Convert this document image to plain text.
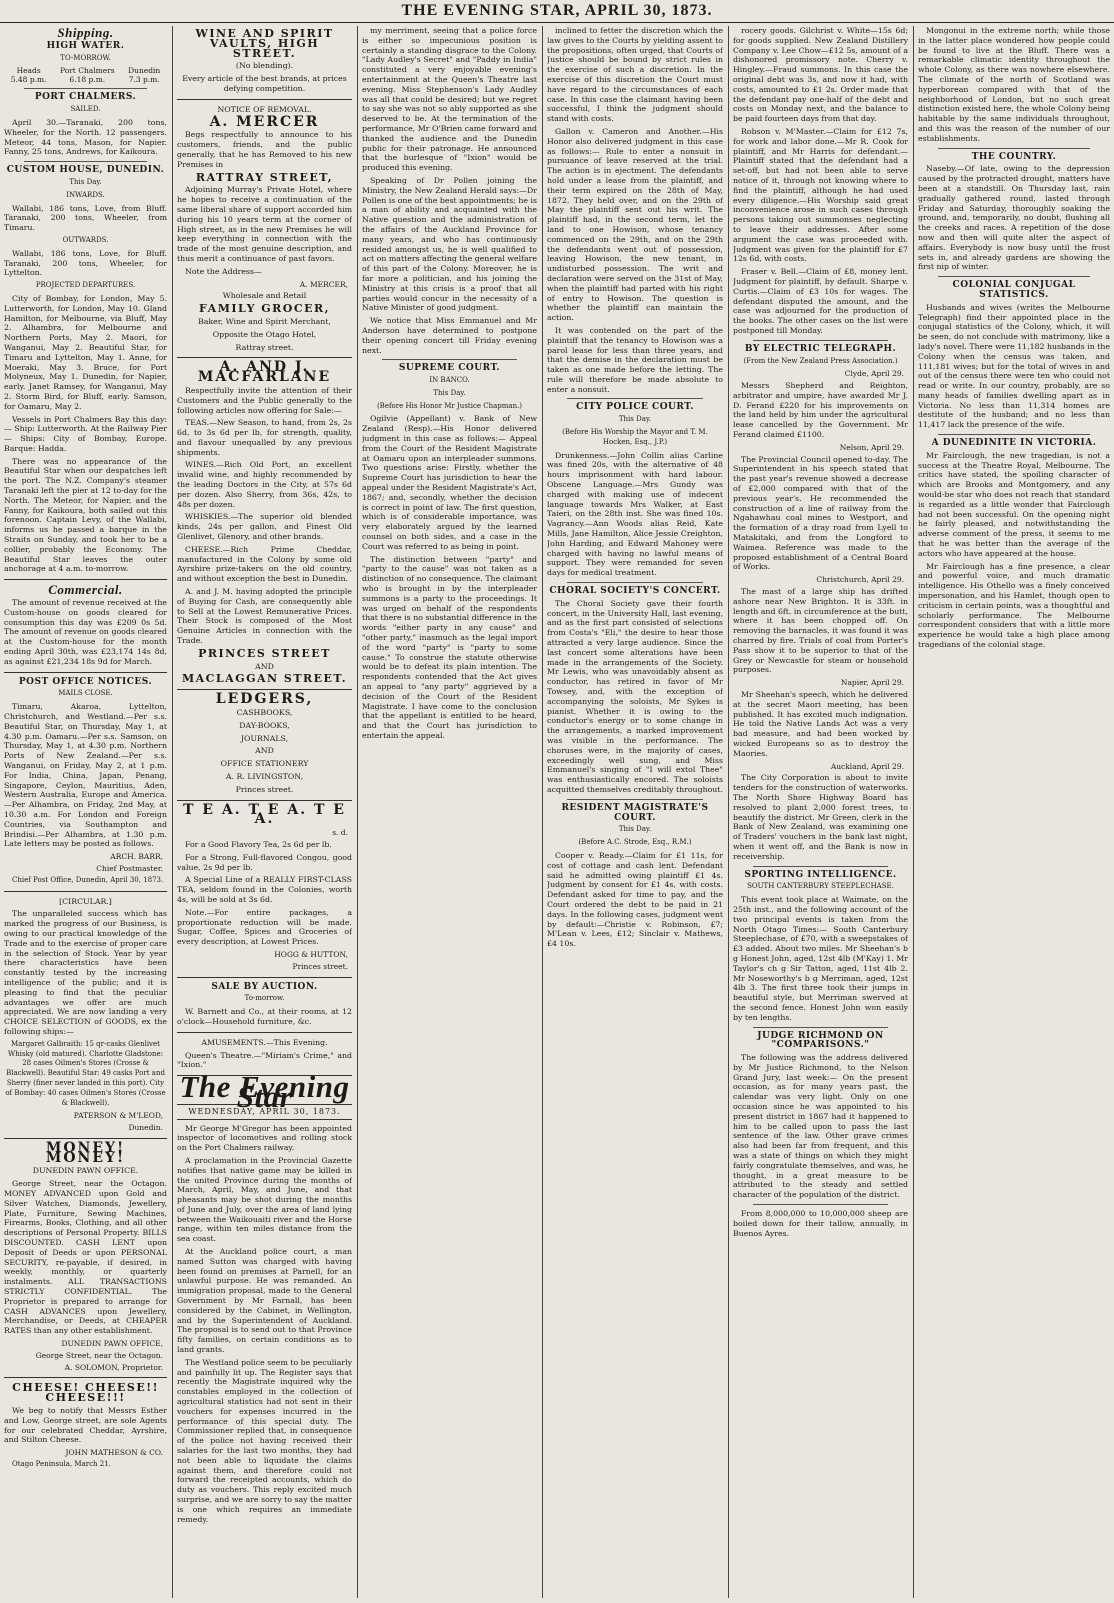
THE EVENING STAR, APRIL 30, 1873.
Shipping.
HIGH WATER.

TO-MORROW.

Heads
5.48 p.m.
Port Chalmers
6.18 p.m.
Dunedin
7.3 p.m.
PORT CHALMERS.

SAILED.

April 30.—Taranaki, 200 tons, Wheeler, for the North. 12 passengers. Meteor, 44 tons, Mason, for Napier. Fanny, 25 tons, Andrews, for Kaikoura.

CUSTOM HOUSE, DUNEDIN.

This Day.

INWARDS.

Wallabi, 186 tons, Love, from Bluff. Taranaki, 200 tons, Wheeler, from Timaru.

OUTWARDS.

Wallabi, 186 tons, Love, for Bluff. Taranaki, 200 tons, Wheeler, for Lyttelton.

PROJECTED DEPARTURES.

City of Bombay, for London, May 5. Lutterworth, for London, May 10. Gland Hamilton, for Melbourne, via Bluff, May 2. Alhambra, for Melbourne and Northern Ports, May 2. Maori, for Wanganui, May 2. Beautiful Star, for Timaru and Lyttelton, May 1. Anne, for Moeraki, May 3. Bruce, for Port Molyneux, May 1. Dunedin, for Napier, early. Janet Ramsey, for Wanganui, May 2. Storm Bird, for Bluff, early. Samson, for Oamaru, May 2.

Vessels in Port Chalmers Bay this day:— Ship: Lutterworth. At the Railway Pier— Ships: City of Bombay, Europe. Barque: Hadda.

There was no appearance of the Beautiful Star when our despatches left the port. The N.Z. Company's steamer Taranaki left the pier at 12 to-day for the North. The Meteor, for Napier, and the Fanny, for Kaikoura, both sailed out this forenoon. Captain Levy, of the Wallabi, informs us he passed a barque in the Straits on Sunday, and took her to be a collier, probably the Economy. The Beautiful Star leaves the outer anchorage at 4 a.m. to-morrow.

Commercial.

The amount of revenue received at the Custom-house on goods cleared for consumption this day was £209 0s 5d. The amount of revenue on goods cleared at the Custom-house for the month ending April 30th, was £23,174 14s 8d, as against £21,234 18s 9d for March.

POST OFFICE NOTICES.

MAILS CLOSE.

Timaru, Akaroa, Lyttelton, Christchurch, and Westland.—Per s.s. Beautiful Star, on Thursday, May 1, at 4.30 p.m. Oamaru.—Per s.s. Samson, on Thursday, May 1, at 4.30 p.m. Northern Ports of New Zealand.—Per s.s. Wanganui, on Friday, May 2, at 1 p.m. For India, China, Japan, Penang, Singapore, Ceylon, Mauritius, Aden, Western Australia, Europe and America.—Per Alhambra, on Friday, 2nd May, at 10.30 a.m. For London and Foreign Countries, via Southampton and Brindisi.—Per Alhambra, at 1.30 p.m. Late letters may be posted as follows.

ARCH. BARR,
Chief Postmaster.

Chief Post Office, Dunedin, April 30, 1873.

[CIRCULAR.]

The unparalleled success which has marked the progress of our Business, is owing to our practical knowledge of the Trade and to the exercise of proper care in the selection of Stock. Year by year there characteristics have been constantly tested by the increasing intelligence of the public; and it is pleasing to find that the peculiar advantages we offer are much appreciated. We are now landing a very CHOICE SELECTION of GOODS, ex the following ships:—

Margaret Galbraith: 15 qr-casks Glenlivet Whisky (old matured). Charlotte Gladstone: 28 cases Oilmen's Stores (Crosse & Blackwell). Beautiful Star: 49 casks Port and Sherry (finer never landed in this port). City of Bombay: 40 cases Oilmen's Stores (Crosse & Blackwell).

PATERSON & M'LEOD,
Dunedin.
MONEY! MONEY!

DUNEDIN PAWN OFFICE.

George Street, near the Octagon. MONEY ADVANCED upon Gold and Silver Watches, Diamonds, Jewellery, Plate, Furniture, Sewing Machines, Firearms, Books, Clothing, and all other descriptions of Personal Property. BILLS DISCOUNTED. CASH LENT upon Deposit of Deeds or upon PERSONAL SECURITY, re-payable, if desired, in weekly, monthly, or quarterly instalments. ALL TRANSACTIONS STRICTLY CONFIDENTIAL. The Proprietor is prepared to arrange for CASH ADVANCES upon Jewellery, Merchandise, or Deeds, at CHEAPER RATES than any other establishment.

DUNEDIN PAWN OFFICE,
George Street, near the Octagon.
A. SOLOMON, Proprietor.
CHEESE! CHEESE!! CHEESE!!!

We beg to notify that Messrs Esther and Low, George street, are sole Agents for our celebrated Cheddar, Ayrshire, and Stilton Cheese.

JOHN MATHESON & CO.

Otago Peninsula, March 21.

WINE AND SPIRIT VAULTS, HIGH STREET.

(No blending).

Every article of the best brands, at prices defying competition.

NOTICE OF REMOVAL.

A. MERCER

Begs respectfully to announce to his customers, friends, and the public generally, that he has Removed to his new Premises in

RATTRAY STREET,

Adjoining Murray's Private Hotel, where he hopes to receive a continuation of the same liberal share of support accorded him during his 10 years term at the corner of High street, as in the new Premises he will keep everything in connection with the trade of the most genuine description, and thus merit a continuance of past favors.

Note the Address—

A. MERCER,

Wholesale and Retail

FAMILY GROCER,

Baker, Wine and Spirit Merchant,

Opposite the Otago Hotel,

Rattray street.

A. AND J. MACFARLANE

Respectfully invite the attention of their Customers and the Public generally to the following articles now offering for Sale:—

TEAS.—New Season, to hand, from 2s, 2s 6d, to 3s 6d per lb, for strength, quality, and flavour unequalled by any previous shipments.

WINES.—Rich Old Port, an excellent invalid wine, and highly recommended by the leading Doctors in the City, at 57s 6d per dozen. Also Sherry, from 36s, 42s, to 48s per dozen.

WHISKIES.—The superior old blended kinds, 24s per gallon, and Finest Old Glenlivet, Glenory, and other brands.

CHEESE.—Rich Prime Cheddar, manufactured in the Colony by some old Ayrshire prize-takers on the old country, and without exception the best in Dunedin.

A. and J. M. having adopted the principle of Buying for Cash, are consequently able to Sell at the Lowest Remunerative Prices. Their Stock is composed of the Most Genuine Articles in connection with the Trade.

PRINCES STREET

AND

MACLAGGAN STREET.
LEDGERS,

CASHBOOKS,

DAY-BOOKS,

JOURNALS,

AND

OFFICE STATIONERY

A. R. LIVINGSTON,

Princes street.

T E A. T E A. T E A.
s. d.

For a Good Flavory Tea, 2s 6d per lb.

For a Strong, Full-flavored Congou, good value, 2s 9d per lb.

A Special Line of a REALLY FIRST-CLASS TEA, seldom found in the Colonies, worth 4s, will be sold at 3s 6d.

Note.—For entire packages, a proportionate reduction will be made. Sugar, Coffee, Spices and Groceries of every description, at Lowest Prices.

HOGG & HUTTON,
Princes street.
SALE BY AUCTION.

To-morrow.

W. Barnett and Co., at their rooms, at 12 o'clock—Household furniture, &c.

AMUSEMENTS.—This Evening.

Queen's Theatre.—"Miriam's Crime," and "Ixion."

The Evening Star
WEDNESDAY, APRIL 30, 1873.

Mr George M'Gregor has been appointed inspector of locomotives and rolling stock on the Port Chalmers railway.

A proclamation in the Provincial Gazette notifies that native game may be killed in the united Province during the months of March, April, May, and June, and that pheasants may be shot during the months of June and July, over the area of land lying between the Waikouaiti river and the Horse range, within ten miles distance from the sea coast.

At the Auckland police court, a man named Sutton was charged with having been found on premises at Parnell, for an unlawful purpose. He was remanded. An immigration proposal, made to the General Government by Mr Farnall, has been considered by the Cabinet, in Wellington, and by the Superintendent of Auckland. The proposal is to send out to that Province fifty families, on certain conditions as to land grants.

The Westland police seem to be peculiarly and painfully lit up. The Register says that recently the Magistrate inquired why the constables employed in the collection of agricultural statistics had not sent in their vouchers for expenses incurred in the performance of this special duty. The Commissioner replied that, in consequence of the police not having received their salaries for the last two months, they had not been able to liquidate the claims against them, and therefore could not forward the receipted accounts, which do duty as vouchers. This reply excited much surprise, and we are sorry to say the matter is one which requires an immediate remedy.

my merriment, seeing that a police force is either so impecunious position is certainly a standing disgrace to the Colony. "Lady Audley's Secret" and "Paddy in India" constituted a very enjoyable evening's entertainment at the Queen's Theatre last evening. Miss Stephenson's Lady Audley was all that could be desired; but we regret to say she was not so ably supported as she deserved to be. At the termination of the performance, Mr O'Brien came forward and thanked the audience and the Dunedin public for their patronage. He announced that the burlesque of "Ixion" would be produced this evening.

Speaking of Dr Pollen joining the Ministry, the New Zealand Herald says:—Dr Pollen is one of the best appointments; he is a man of ability and acquainted with the Native question and the administration of the affairs of the Auckland Province for many years, and who has continuously resided amongst us, he is well qualified to act on matters affecting the general welfare of this part of the Colony. Moreover, he is far more a politician, and his joining the Ministry at this crisis is a proof that all parties would concur in the necessity of a Native Minister of good judgment.

We notice that Miss Emmanuel and Mr Anderson have determined to postpone their opening concert till Friday evening next.

SUPREME COURT.

IN BANCO.

This Day.

(Before His Honor Mr Justice Chapman.)

Ogilvie (Appellant) v. Bank of New Zealand (Resp).—His Honor delivered judgment in this case as follows:— Appeal from the Court of the Resident Magistrate at Oamaru upon an interpleader summons. Two questions arise: Firstly, whether the Supreme Court has jurisdiction to hear the appeal under the Resident Magistrate's Act, 1867; and, secondly, whether the decision is correct in point of law. The first question, which is of considerable importance, was very elaborately argued by the learned counsel on both sides, and a case in the Court was referred to as being in point.

The distinction between "party" and "party to the cause" was not taken as a distinction of no consequence. The claimant who is brought in by the interpleader summons is a party to the proceedings. It was urged on behalf of the respondents that there is no substantial difference in the words "either party in any cause" and "other party," inasmuch as the legal import of the word "party" is "party to some cause." To construe the statute otherwise would be to defeat its plain intention. The respondents contended that the Act gives an appeal to "any party" aggrieved by a decision of the Court of the Resident Magistrate. I have come to the conclusion that the appellant is entitled to be heard, and that the Court has jurisdiction to entertain the appeal.

inclined to fetter the discretion which the law gives to the Courts by yielding assent to the propositions, often urged, that Courts of Justice should be bound by strict rules in the exercise of such a discretion. In the exercise of this discretion the Court must have regard to the circumstances of each case. In this case the claimant having been successful, I think the judgment should stand with costs.

Gallon v. Cameron and Another.—His Honor also delivered judgment in this case as follows:— Rule to enter a nonsuit in pursuance of leave reserved at the trial. The action is in ejectment. The defendants hold under a lease from the plaintiff, and their term expired on the 28th of May, 1872. They held over, and on the 29th of May the plaintiff sent out his writ. The plaintiff had, in the second term, let the land to one Howison, whose tenancy commenced on the 29th, and on the 29th the defendants went out of possession, leaving Howison, the new tenant, in undisturbed possession. The writ and declaration were served on the 31st of May, when the plaintiff had parted with his right of entry to Howison. The question is whether the plaintiff can maintain the action.

It was contended on the part of the plaintiff that the tenancy to Howison was a parol lease for less than three years, and that the demise in the declaration must be taken as one made before the letting. The rule will therefore be made absolute to enter a nonsuit.

CITY POLICE COURT.

This Day.

(Before His Worship the Mayor and T. M. Hocken, Esq., J.P.)

Drunkenness.—John Collin alias Carline was fined 20s, with the alternative of 48 hours imprisonment with hard labour. Obscene Language.—Mrs Gundy was charged with making use of indecent language towards Mrs Walker, at East Taieri, on the 28th inst. She was fined 10s. Vagrancy.—Ann Woods alias Reid, Kate Mills, Jane Hamilton, Alice Jessie Creighton, John Harding, and Edward Mahoney were charged with having no lawful means of support. They were remanded for seven days for medical treatment.

CHORAL SOCIETY'S CONCERT.

The Choral Society gave their fourth concert, in the University Hall, last evening, and as the first part consisted of selections from Costa's "Eli," the desire to hear those attracted a very large audience. Since the last concert some alterations have been made in the arrangements of the Society. Mr Lewis, who was unavoidably absent as conductor, has retired in favor of Mr Towsey, and, with the exception of accompanying the soloists, Mr Sykes is pianist. Whether it is owing to the conductor's energy or to some change in the arrangements, a marked improvement was visible in the performance. The choruses were, in the majority of cases, exceedingly well sung, and Miss Emmanuel's singing of "I will extol Thee" was enthusiastically encored. The soloists acquitted themselves creditably throughout.

RESIDENT MAGISTRATE'S COURT.

This Day.

(Before A.C. Strode, Esq., R.M.)

Cooper v. Ready.—Claim for £1 11s, for cost of cottage and cash lent. Defendant said he admitted owing plaintiff £1 4s. Judgment by consent for £1 4s, with costs. Defendant asked for time to pay, and the Court ordered the debt to be paid in 21 days. In the following cases, judgment went by default:—Christie v. Robinson, £7; M'Lean v. Lees, £12; Sinclair v. Mathews, £4 10s.

rocery goods. Gilchrist v. White—15s 6d; for goods supplied. New Zealand Distillery Company v. Lee Chow—£12 5s, amount of a dishonored promissory note. Cherry v. Hingley.—Fraud summons. In this case the original debt was 3s, and now it had, with costs, amounted to £1 2s. Order made that the defendant pay one-half of the debt and costs on Monday next, and the balance to be paid fourteen days from that day.

Robson v. M'Master.—Claim for £12 7s, for work and labor done.—Mr R. Cook for plaintiff, and Mr Harris for defendant.—Plaintiff stated that the defendant had a set-off, but had not been able to serve notice of it, through not knowing where to find the plaintiff, although he had used every diligence.—His Worship said great inconvenience arose in such cases through persons taking out summonses neglecting to leave their addresses. After some argument the case was proceeded with. Judgment was given for the plaintiff for £7 12s 6d, with costs.

Fraser v. Bell.—Claim of £8, money lent. Judgment for plaintiff, by default. Sharpe v. Curtis.—Claim of £3 10s for wages. The defendant disputed the amount, and the case was adjourned for the production of the books. The other cases on the list were postponed till Monday.

BY ELECTRIC TELEGRAPH.

(From the New Zealand Press Association.)

Clyde, April 29.

Messrs Shepherd and Reighton, arbitrator and umpire, have awarded Mr J. D. Ferand £220 for his improvements on the land held by him under the agricultural lease cancelled by the Government. Mr Ferand claimed £1100.

Nelson, April 29.

The Provincial Council opened to-day. The Superintendent in his speech stated that the past year's revenue showed a decrease of £2,000 compared with that of the previous year's. He recommended the construction of a line of railway from the Ngahawhau coal mines to Westport, and the formation of a dray road from Lyell to Matakitaki, and from the Longford to Waimea. Reference was made to the proposed establishment of a Central Board of Works.

Christchurch, April 29.

The mast of a large ship has drifted ashore near New Brighton. It is 33ft. in length and 6ft. in circumference at the butt, where it has been chopped off. On removing the barnacles, it was found it was charred by fire. Trials of coal from Porter's Pass show it to be superior to that of the Grey or Newcastle for steam or household purposes.

Napier, April 29.

Mr Sheehan's speech, which he delivered at the secret Maori meeting, has been published. It has excited much indignation. He told the Native Lands Act was a very bad measure, and had been worked by wicked Europeans so as to destroy the Maories.

Auckland, April 29.

The City Corporation is about to invite tenders for the construction of waterworks. The North Shore Highway Board has resolved to plant 2,000 forest trees, to beautify the district. Mr Green, clerk in the Bank of New Zealand, was examining one of Traders' vouchers in the bank last night, when it went off, and the Bank is now in receivership.

SPORTING INTELLIGENCE.

SOUTH CANTERBURY STEEPLECHASE.

This event took place at Waimate, on the 25th inst., and the following account of the two principal events is taken from the North Otago Times:— South Canterbury Steeplechase, of £70, with a sweepstakes of £3 added. About two miles. Mr Sheehan's b g Honest John, aged, 12st 4lb (M'Kay) 1. Mr Taylor's ch g Sir Tatton, aged, 11st 4lb 2. Mr Noseworthy's b g Merriman, aged, 12st 4lb 3. The first three took their jumps in beautiful style, but Merriman swerved at the second fence. Honest John won easily by ten lengths.

JUDGE RICHMOND ON "COMPARISONS."

The following was the address delivered by Mr Justice Richmond, to the Nelson Grand Jury, last week:— On the present occasion, as for many years past, the calendar was very light. Only on one occasion since he was appointed to his present district in 1867 had it happened to him to be called upon to pass the last sentence of the law. Other grave crimes also had been far from frequent, and this was a state of things on which they might fairly congratulate themselves, and was, he thought, in a great measure to be attributed to the steady and settled character of the population of the district.

From 8,000,000 to 10,000,000 sheep are boiled down for their tallow, annually, in Buenos Ayres.

Mongonui in the extreme north; while those in the latter place wondered how people could be found to live at the Bluff. There was a remarkable climatic identity throughout the whole Colony, as there was nowhere elsewhere. The climate of the north of Scotland was hyperborean compared with that of the neighborhood of London, but no such great distinction existed here, the whole Colony being habitable by the same individuals throughout, and this was the reason of the number of our establishments.

THE COUNTRY.

Naseby.—Of late, owing to the depression caused by the protracted drought, matters have been at a standstill. On Thursday last, rain gradually gathered round, lasted through Friday and Saturday, thoroughly soaking the ground, and, temporarily, no doubt, flushing all the creeks and races. A repetition of the dose now and then will quite alter the aspect of affairs. Everybody is now busy until the frost sets in, and already gardens are showing the first nip of winter.

COLONIAL CONJUGAL STATISTICS.

Husbands and wives (writes the Melbourne Telegraph) find their appointed place in the conjugal statistics of the Colony, which, it will be seen, do not conclude with matrimony, like a lady's novel. There were 11,182 husbands in the Colony when the census was taken, and 111,181 wives; but for the total of wives in and out of the census there were ten who could not read or write. In our country, probably, are so many heads of families dwelling apart as in Victoria. No less than 11,314 homes are destitute of the husband; and no less than 11,417 lack the presence of the wife.

A DUNEDINITE IN VICTORIA.

Mr Fairclough, the new tragedian, is not a success at the Theatre Royal, Melbourne. The critics have stated, the spoiling character of which are Brooks and Montgomery, and any would-be star who does not reach that standard is regarded as a little wonder that Fairclough had not been successful. On the opening night he fairly pleased, and notwithstanding the adverse comment of the press, it seems to me that he was better than the average of the actors who have appeared at the house.

Mr Fairclough has a fine presence, a clear and powerful voice, and much dramatic intelligence. His Othello was a finely conceived impersonation, and his Hamlet, though open to criticism in certain points, was a thoughtful and scholarly performance. The Melbourne correspondent considers that with a little more experience he would take a high place among tragedians of the colonial stage.
